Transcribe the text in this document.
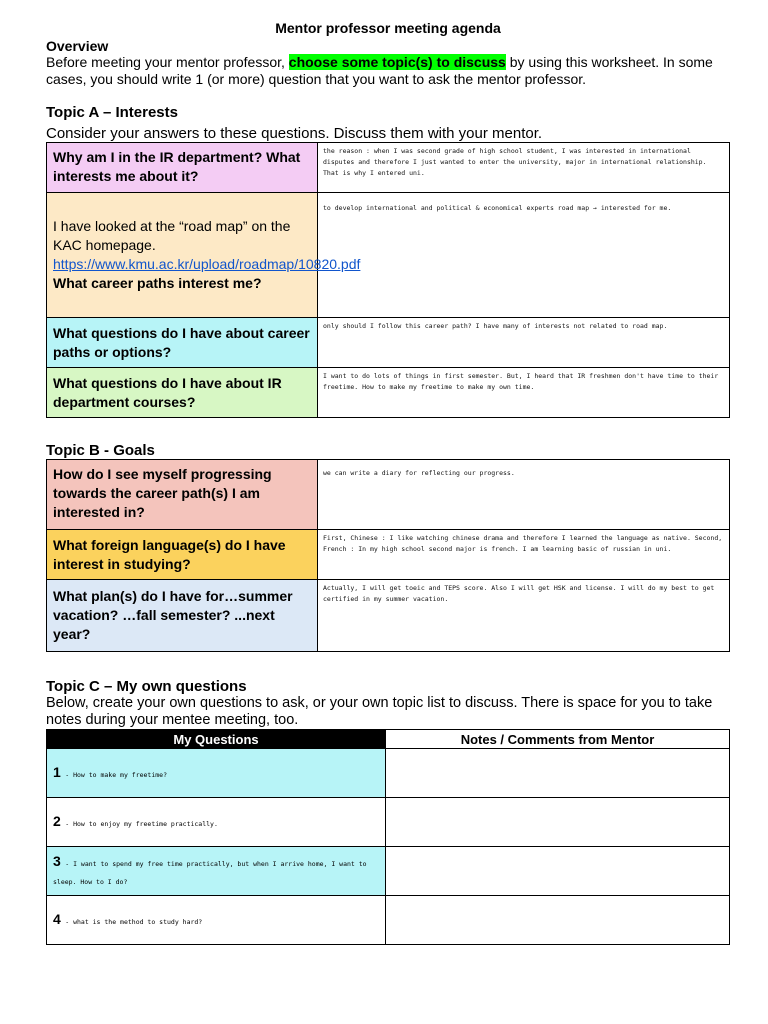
Mentor professor meeting agenda
Overview
Before meeting your mentor professor, choose some topic(s) to discuss by using this worksheet. In some cases, you should write 1 (or more) question that you want to ask the mentor professor.
Topic A – Interests
Consider your answers to these questions. Discuss them with your mentor.
Why am I in the IR department? What interests me about it?	the reason : when I was second grade of high school student, I was interested in international disputes and therefore I just wanted to enter the university, major in international relationship. That is why I entered uni.
I have looked at the “road map” on the KAC homepage.
https://www.kmu.ac.kr/upload/roadmap/10820.pdf
What career paths interest me?	to develop international and political & economical experts road map → interested for me.
What questions do I have about career paths or options?	only should I follow this career path? I have many of interests not related to road map.
What questions do I have about IR department courses?	I want to do lots of things in first semester. But, I heard that IR freshmen don't have time to their freetime. How to make my freetime to make my own time.
Topic B - Goals
How do I see myself progressing towards the career path(s) I am interested in?	we can write a diary for reflecting our progress.
What foreign language(s) do I have interest in studying?	First, Chinese : I like watching chinese drama and therefore I learned the language as native. Second, French : In my high school second major is french. I am learning basic of russian in uni.
What plan(s) do I have for…summer vacation? …fall semester? ...next year?	Actually, I will get toeic and TEPS score. Also I will get HSK and license. I will do my best to get certified in my summer vacation.
Topic C – My own questions
Below, create your own questions to ask, or your own topic list to discuss. There is space for you to take notes during your mentee meeting, too.
My Questions	Notes / Comments from Mentor
1 - How to make my freetime?	
2 - How to enjoy my freetime practically.	
3 - I want to spend my free time practically, but when I arrive home, I want to sleep. How to I do?	
4 - what is the method to study hard?	
